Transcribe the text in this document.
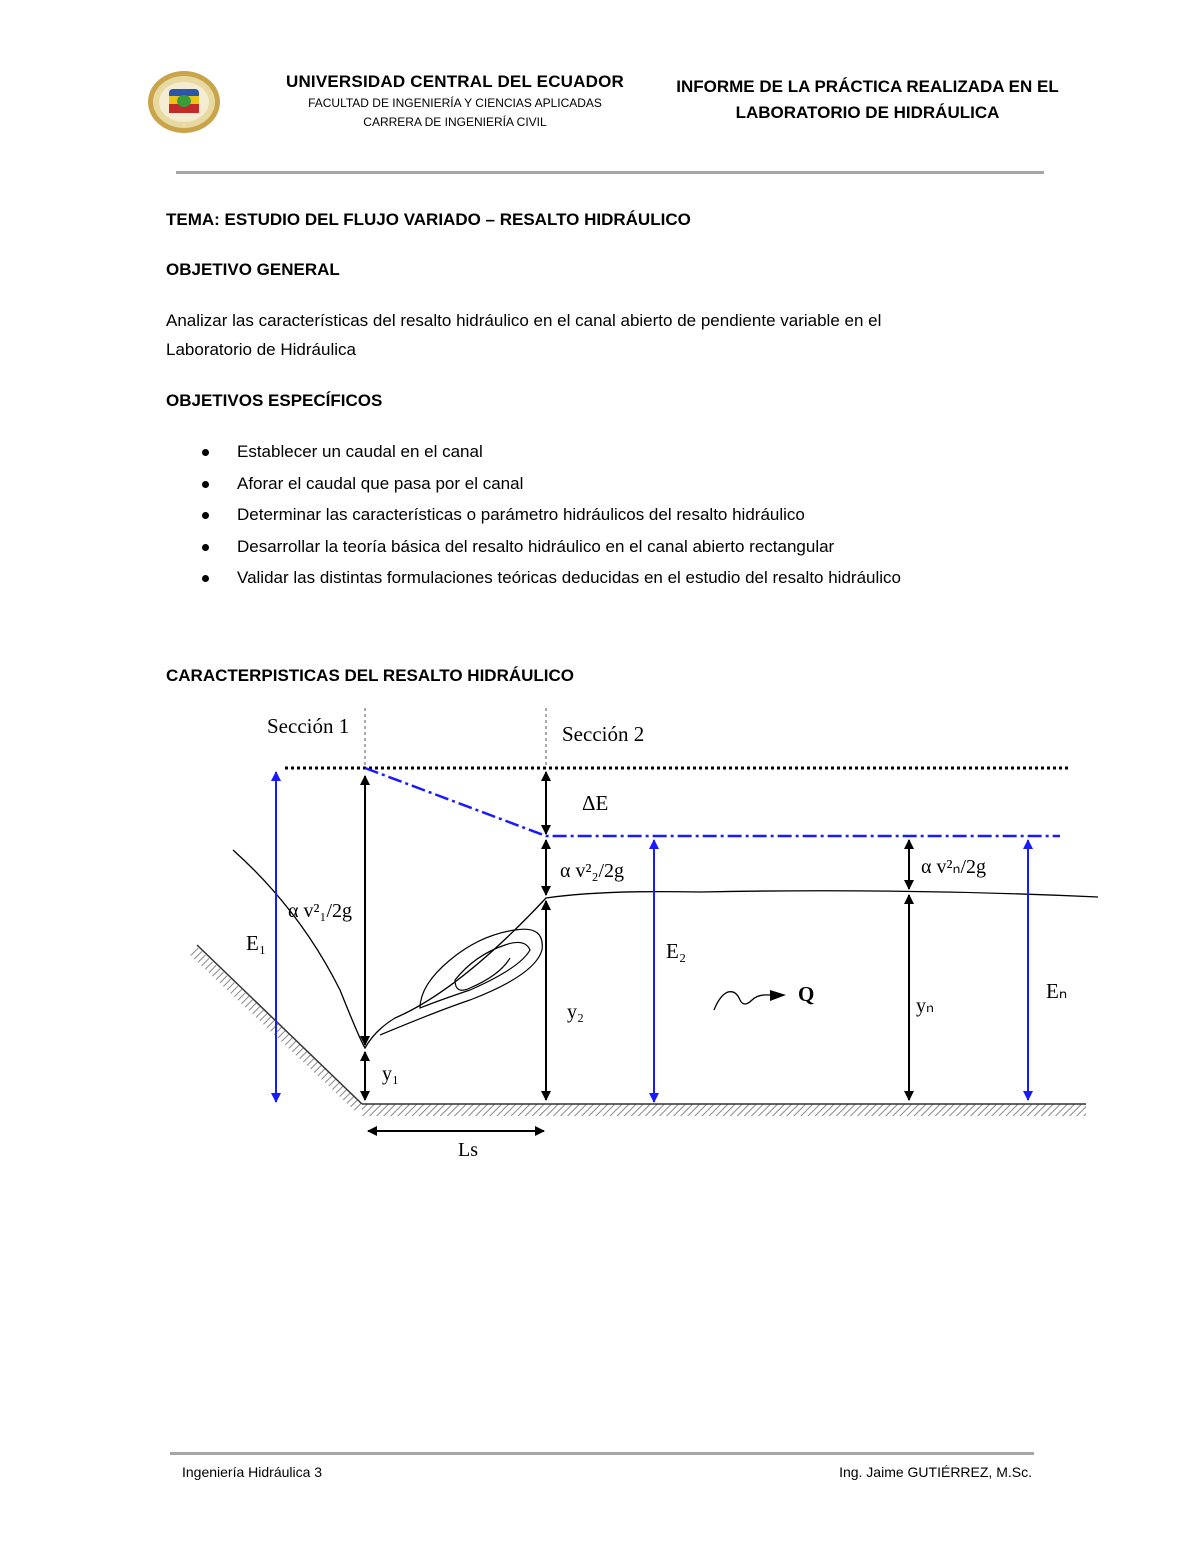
UNIVERSIDAD CENTRAL DEL ECUADOR
FACULTAD DE INGENIERÍA Y CIENCIAS APLICADAS
CARRERA DE INGENIERÍA CIVIL
INFORME DE LA PRÁCTICA REALIZADA EN EL
LABORATORIO DE HIDRÁULICA
TEMA: ESTUDIO DEL FLUJO VARIADO – RESALTO HIDRÁULICO
OBJETIVO GENERAL
Analizar las características del resalto hidráulico en el canal abierto de pendiente variable en el
Laboratorio de Hidráulica
OBJETIVOS ESPECÍFICOS
Establecer un caudal en el canal
Aforar el caudal que pasa por el canal
Determinar las características o parámetro hidráulicos del resalto hidráulico
Desarrollar la teoría básica del resalto hidráulico en el canal abierto rectangular
Validar las distintas formulaciones teóricas deducidas en el estudio del resalto hidráulico
CARACTERPISTICAS DEL RESALTO HIDRÁULICO
Sección 1	Sección 2
ΔE
α v²₁/2g
α v²₂/2g	α v²ₙ/2g
E₁	E₂
Eₙ
y₁
y₂	yₙ
Q
Ls
Ingeniería Hidráulica 3	Ing. Jaime GUTIÉRREZ, M.Sc.
